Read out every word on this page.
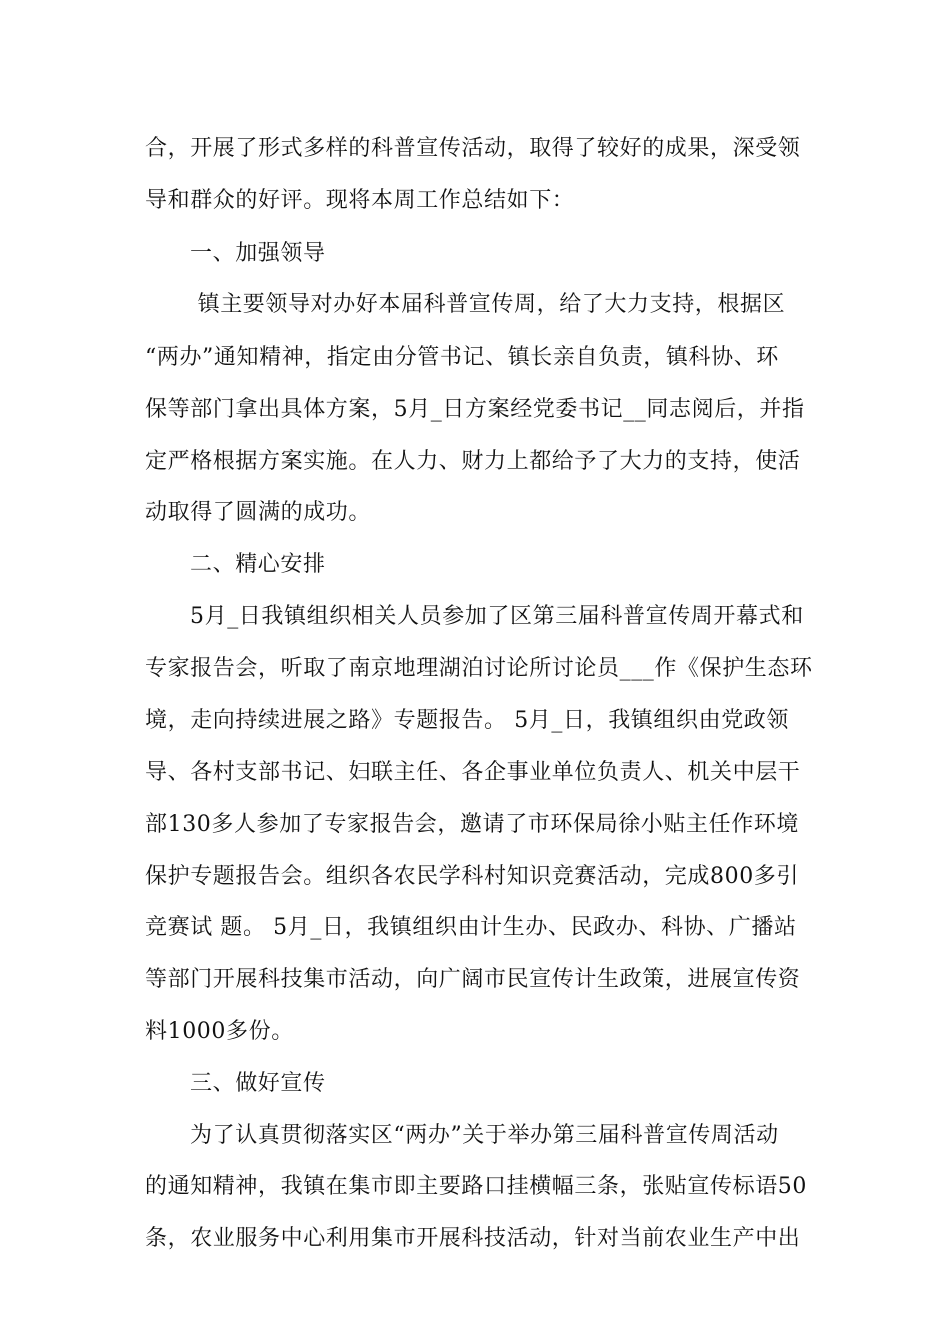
合，开展了形式多样的科普宣传活动，取得了较好的成果，深受领
导和群众的好评。现将本周工作总结如下：
一、加强领导
镇主要领导对办好本届科普宣传周，给了大力支持，根据区
“两办”通知精神，指定由分管书记、镇长亲自负责，镇科协、环
保等部门拿出具体方案，5月_日方案经党委书记__同志阅后，并指
定严格根据方案实施。在人力、财力上都给予了大力的支持，使活
动取得了圆满的成功。
二、精心安排
5月_日我镇组织相关人员参加了区第三届科普宣传周开幕式和
专家报告会，听取了南京地理湖泊讨论所讨论员___作《保护生态环
境，走向持续进展之路》专题报告。 5月_日，我镇组织由党政领
导、各村支部书记、妇联主任、各企事业单位负责人、机关中层干
部130多人参加了专家报告会，邀请了市环保局徐小贴主任作环境
保护专题报告会。组织各农民学科村知识竞赛活动，完成800多引
竞赛试 题。 5月_日，我镇组织由计生办、民政办、科协、广播站
等部门开展科技集市活动，向广阔市民宣传计生政策，进展宣传资
料1000多份。
三、做好宣传
为了认真贯彻落实区“两办”关于举办第三届科普宣传周活动
的通知精神，我镇在集市即主要路口挂横幅三条，张贴宣传标语50
条，农业服务中心利用集市开展科技活动，针对当前农业生产中出
